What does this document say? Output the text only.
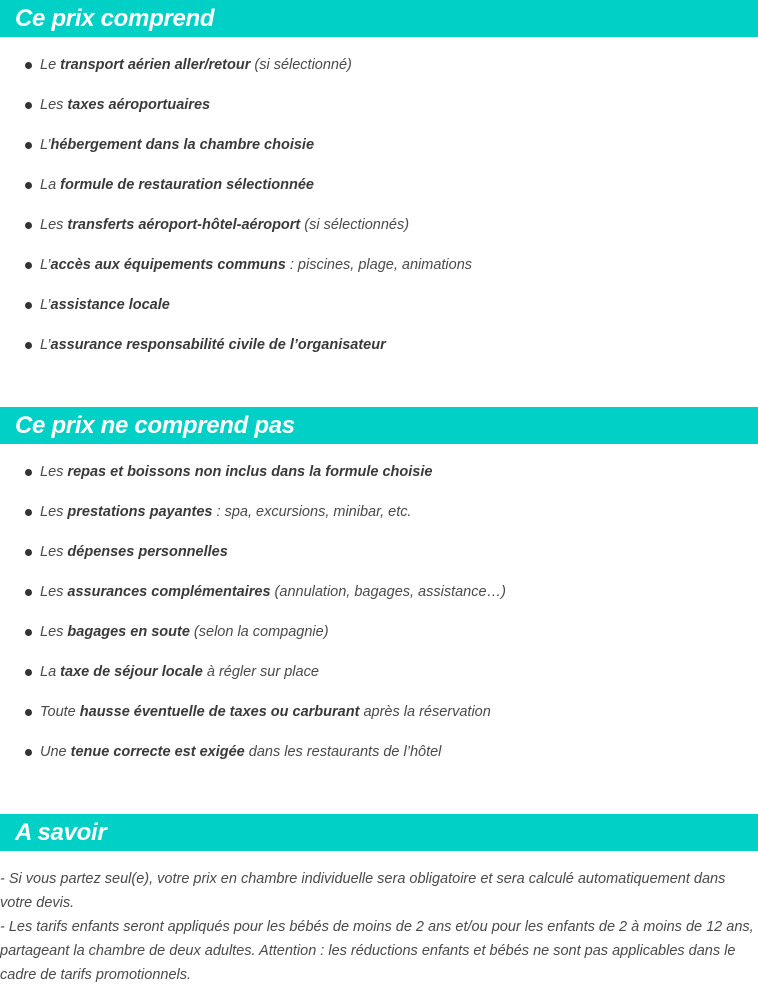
Ce prix comprend
Le transport aérien aller/retour (si sélectionné)
Les taxes aéroportuaires
L’hébergement dans la chambre choisie
La formule de restauration sélectionnée
Les transferts aéroport-hôtel-aéroport (si sélectionnés)
L’accès aux équipements communs : piscines, plage, animations
L’assistance locale
L’assurance responsabilité civile de l’organisateur
Ce prix ne comprend pas
Les repas et boissons non inclus dans la formule choisie
Les prestations payantes : spa, excursions, minibar, etc.
Les dépenses personnelles
Les assurances complémentaires (annulation, bagages, assistance…)
Les bagages en soute (selon la compagnie)
La taxe de séjour locale à régler sur place
Toute hausse éventuelle de taxes ou carburant après la réservation
Une tenue correcte est exigée dans les restaurants de l’hôtel
A savoir

- Si vous partez seul(e), votre prix en chambre individuelle sera obligatoire et sera calculé automatiquement dans votre devis.

- Les tarifs enfants seront appliqués pour les bébés de moins de 2 ans et/ou pour les enfants de 2 à moins de 12 ans, partageant la chambre de deux adultes. Attention : les réductions enfants et bébés ne sont pas applicables dans le cadre de tarifs promotionnels.
